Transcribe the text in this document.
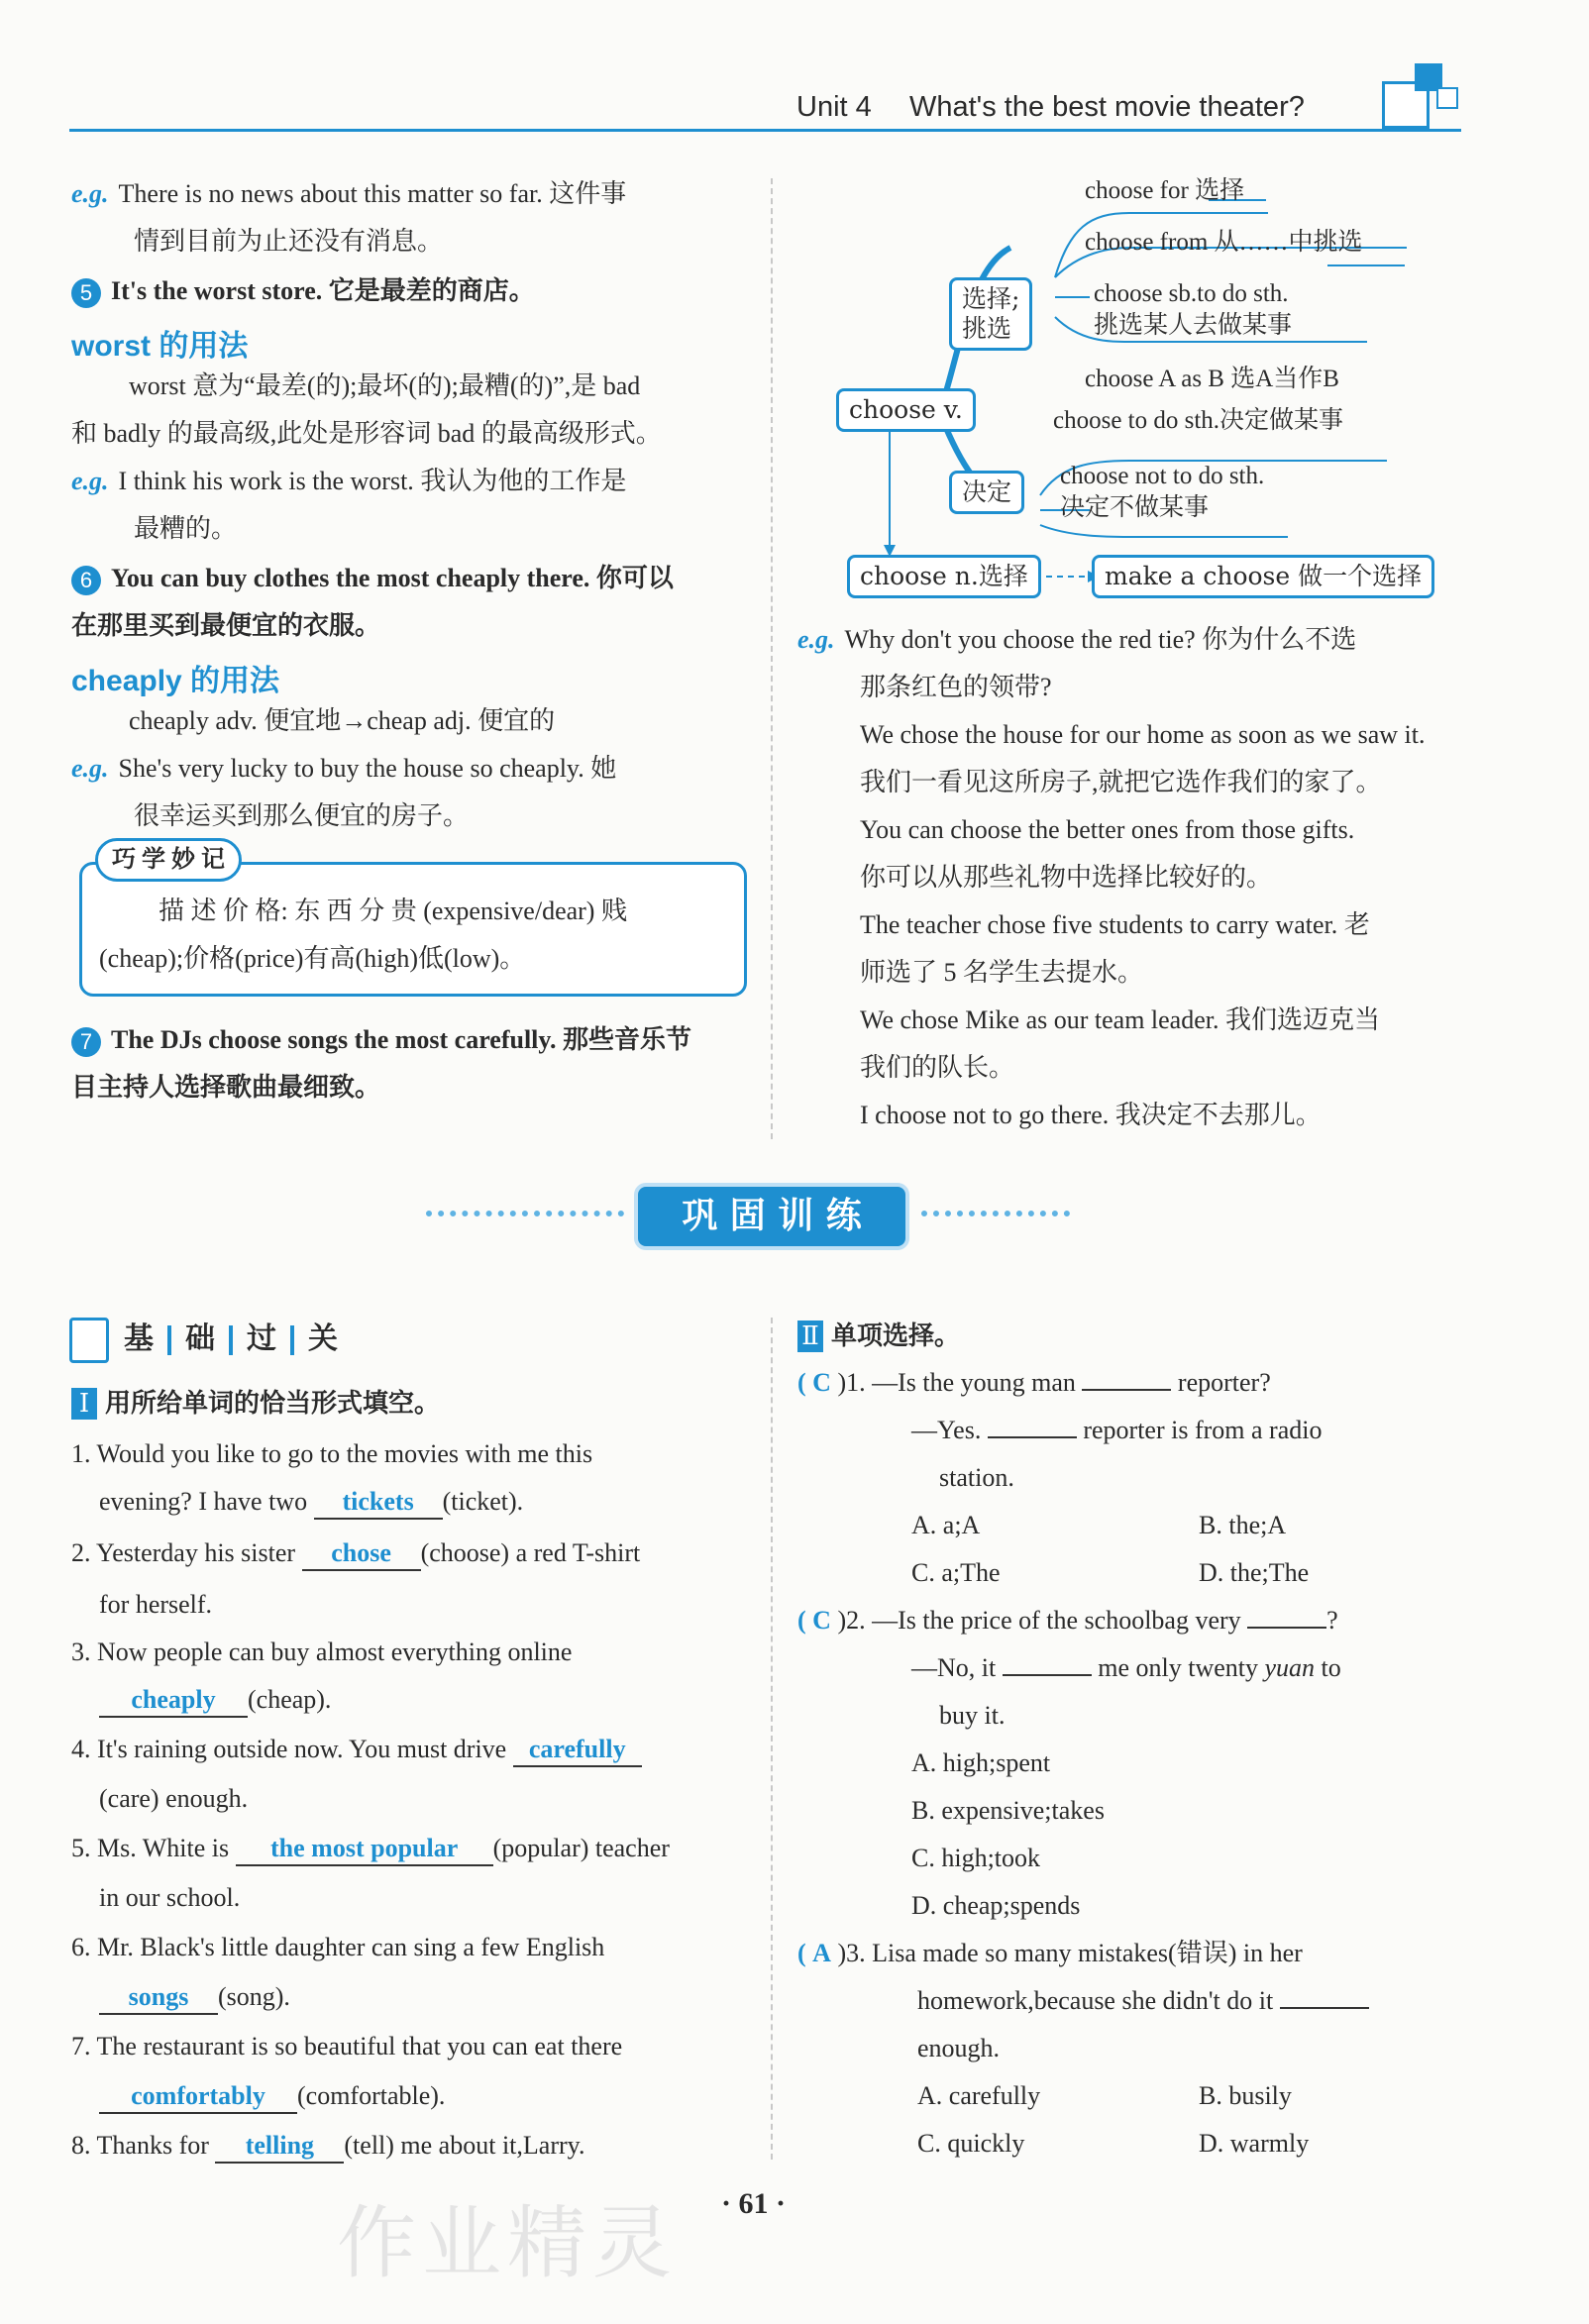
Unit 4 What's the best movie theater?
e.g. There is no news about this matter so far. 这件事
情到目前为止还没有消息。
5 It's the worst store. 它是最差的商店。
worst 的用法
worst 意为“最差(的);最坏(的);最糟(的)”,是 bad
和 badly 的最高级,此处是形容词 bad 的最高级形式。
e.g. I think his work is the worst. 我认为他的工作是
最糟的。
6 You can buy clothes the most cheaply there. 你可以
在那里买到最便宜的衣服。
cheaply 的用法
cheaply adv. 便宜地→cheap adj. 便宜的
e.g. She's very lucky to buy the house so cheaply. 她
很幸运买到那么便宜的房子。
巧 学 妙 记
描 述 价 格: 东 西 分 贵 (expensive/dear) 贱
(cheap);价格(price)有高(high)低(low)。
7 The DJs choose songs the most carefully. 那些音乐节
目主持人选择歌曲最细致。
choose v.
选择;
挑选
决定
choose for 选择
choose from 从……中挑选
choose sb.to do sth.
挑选某人去做某事
choose A as B 选A当作B
choose to do sth.决定做某事
choose not to do sth.
决定不做某事
choose n.选择	make a choose 做一个选择
e.g. Why don't you choose the red tie? 你为什么不选
那条红色的领带?
We chose the house for our home as soon as we saw it.
我们一看见这所房子,就把它选作我们的家了。
You can choose the better ones from those gifts.
你可以从那些礼物中选择比较好的。
The teacher chose five students to carry water. 老
师选了 5 名学生去提水。
We chose Mike as our team leader. 我们选迈克当
我们的队长。
I choose not to go there. 我决定不去那儿。
巩 固 训 练
基 础 过 关
Ⅰ 用所给单词的恰当形式填空。
1. Would you like to go to the movies with me this
evening? I have two tickets (ticket).
2. Yesterday his sister chose (choose) a red T-shirt
for herself.
3. Now people can buy almost everything online
cheaply (cheap).
4. It's raining outside now. You must drive carefully
(care) enough.
5. Ms. White is the most popular (popular) teacher
in our school.
6. Mr. Black's little daughter can sing a few English
songs (song).
7. The restaurant is so beautiful that you can eat there
comfortably (comfortable).
8. Thanks for telling (tell) me about it,Larry.
Ⅱ 单项选择。
( C )1. —Is the young man	reporter?
—Yes.	reporter is from a radio
station.
A. a;A	B. the;A
C. a;The	D. the;The
( C )2. —Is the price of the schoolbag very	?
—No, it	me only twenty yuan to
buy it.
A. high;spent
B. expensive;takes
C. high;took
D. cheap;spends
( A )3. Lisa made so many mistakes(错误) in her
homework,because she didn't do it
enough.
A. carefully	B. busily
C. quickly	D. warmly
作业精灵 · 61 ·
